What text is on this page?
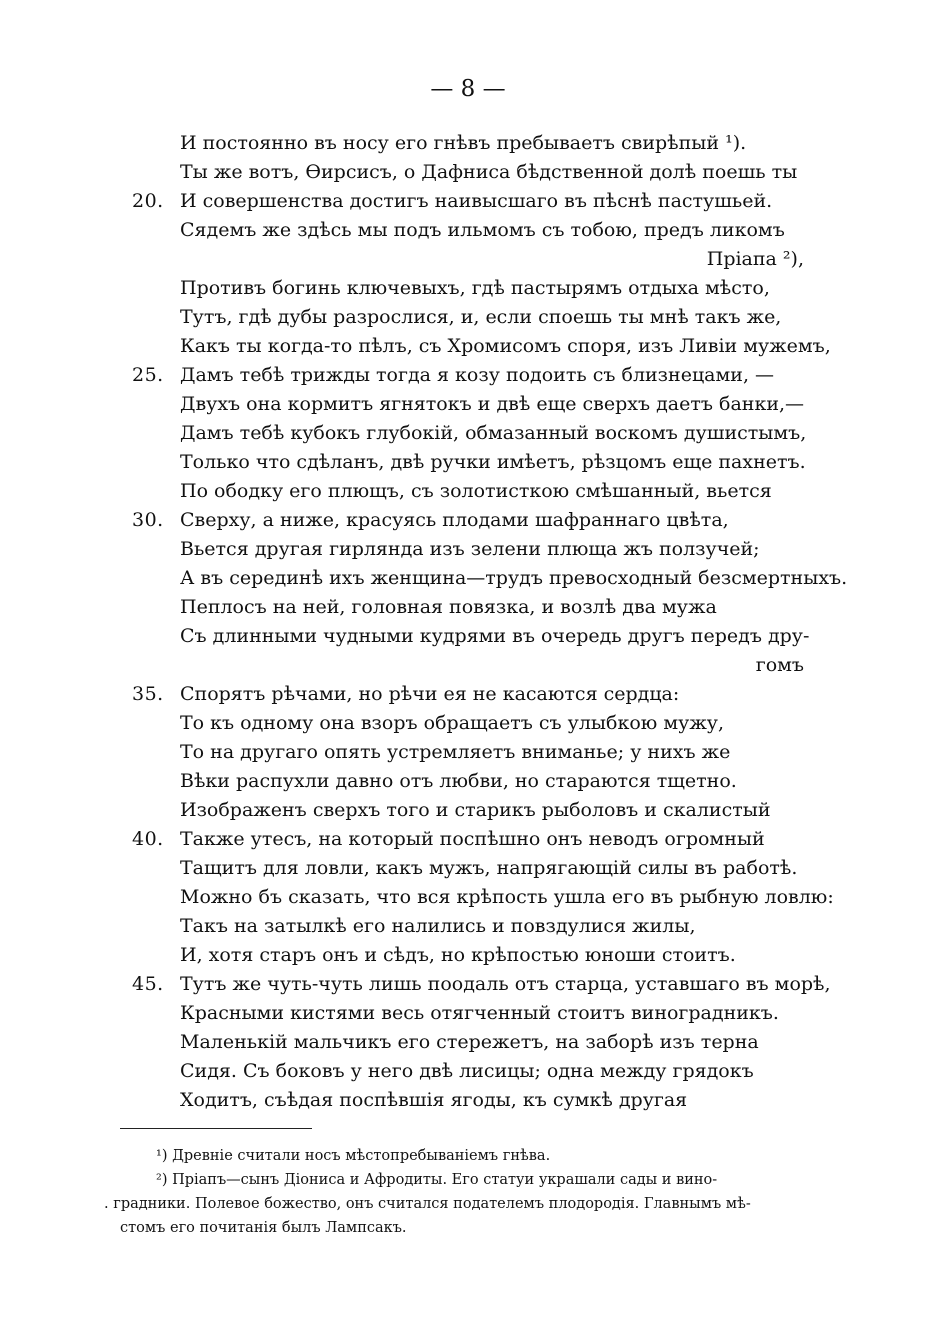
— 8 —
И постоянно въ носу его гнѣвъ пребываетъ свирѣпый ¹).
Ты же вотъ, Ѳирсисъ, о Дафниса бѣдственной долѣ поешь ты
20. И совершенства достигъ наивысшаго въ пѣснѣ пастушьей.
Сядемъ же здѣсь мы подъ ильмомъ съ тобою, предъ ликомъ
Пріапа ²),
Противъ богинь ключевыхъ, гдѣ пастырямъ отдыха мѣсто,
Тутъ, гдѣ дубы разрослися, и, если споешь ты мнѣ такъ же,
Какъ ты когда-то пѣлъ, съ Хромисомъ споря, изъ Ливіи мужемъ,
25. Дамъ тебѣ трижды тогда я козу подоить съ близнецами, —
Двухъ она кормитъ ягнятокъ и двѣ еще сверхъ даетъ банки,—
Дамъ тебѣ кубокъ глубокій, обмазанный воскомъ душистымъ,
Только что сдѣланъ, двѣ ручки имѣетъ, рѣзцомъ еще пахнетъ.
По ободку его плющъ, съ золотисткою смѣшанный, вьется
30. Сверху, а ниже, красуясь плодами шафраннаго цвѣта,
Вьется другая гирлянда изъ зелени плюща жъ ползучей;
А въ серединѣ ихъ женщина—трудъ превосходный безсмертныхъ.
Пеплосъ на ней, головная повязка, и возлѣ два мужа
Съ длинными чудными кудрями въ очередь другъ передъ дру-
гомъ
35. Спорятъ рѣчами, но рѣчи ея не касаются сердца:
То къ одному она взоръ обращаетъ съ улыбкою мужу,
То на другаго опять устремляетъ вниманье; у нихъ же
Вѣки распухли давно отъ любви, но стараются тщетно.
Изображенъ сверхъ того и старикъ рыболовъ и скалистый
40. Также утесъ, на который поспѣшно онъ неводъ огромный
Тащитъ для ловли, какъ мужъ, напрягающій силы въ работѣ.
Можно бъ сказать, что вся крѣпость ушла его въ рыбную ловлю:
Такъ на затылкѣ его налились и повздулися жилы,
И, хотя старъ онъ и сѣдъ, но крѣпостью юноши стоитъ.
45. Тутъ же чуть-чуть лишь поодаль отъ старца, уставшаго въ морѣ,
Красными кистями весь отягченный стоитъ виноградникъ.
Маленькій мальчикъ его стережетъ, на заборѣ изъ терна
Сидя. Съ боковъ у него двѣ лисицы; одна между грядокъ
Ходитъ, съѣдая поспѣвшія ягоды, къ сумкѣ другая
¹) Древніе считали носъ мѣстопребываніемъ гнѣва.
²) Пріапъ—сынъ Діониса и Афродиты. Его статуи украшали сады и вино-
. градники. Полевое божество, онъ считался подателемъ плодородія. Главнымъ мѣ-
стомъ его почитанія былъ Лампсакъ.
